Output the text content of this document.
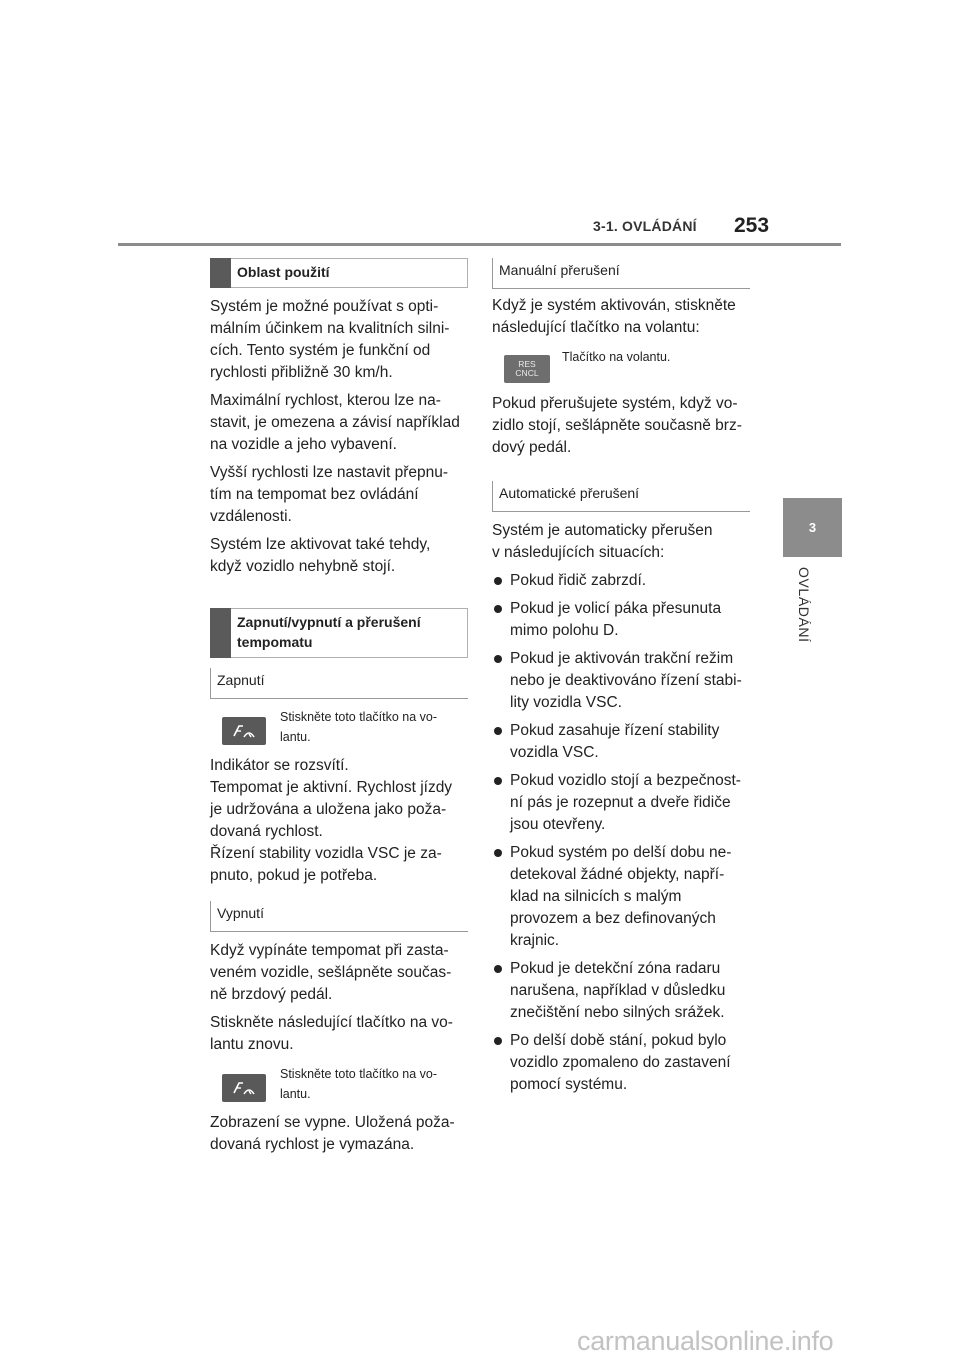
3-1. OVLÁDÁNÍ 253
3
OVLÁDÁNÍ
Oblast použití

Systém je možné používat s opti-
málním účinkem na kvalitních silni-
cích. Tento systém je funkční od
rychlosti přibližně 30 km/h.

Maximální rychlost, kterou lze na-
stavit, je omezena a závisí například
na vozidle a jeho vybavení.

Vyšší rychlosti lze nastavit přepnu-
tím na tempomat bez ovládání
vzdálenosti.

Systém lze aktivovat také tehdy,
když vozidlo nehybně stojí.

Zapnutí/vypnutí a přerušení
tempomatu
Zapnutí
Stiskněte toto tlačítko na vo-
lantu.

Indikátor se rozsvítí.
Tempomat je aktivní. Rychlost jízdy
je udržována a uložena jako poža-
dovaná rychlost.
Řízení stability vozidla VSC je za-
pnuto, pokud je potřeba.

Vypnutí

Když vypínáte tempomat při zasta-
veném vozidle, sešlápněte součas-
ně brzdový pedál.

Stiskněte následující tlačítko na vo-
lantu znovu.

Stiskněte toto tlačítko na vo-
lantu.

Zobrazení se vypne. Uložená poža-
dovaná rychlost je vymazána.

Manuální přerušení

Když je systém aktivován, stiskněte
následující tlačítko na volantu:

RES
CNCL
Tlačítko na volantu.

Pokud přerušujete systém, když vo-
zidlo stojí, sešlápněte současně brz-
dový pedál.

Automatické přerušení

Systém je automaticky přerušen
v následujících situacích:

Pokud řidič zabrzdí.
Pokud je volicí páka přesunuta
mimo polohu D.
Pokud je aktivován trakční režim
nebo je deaktivováno řízení stabi-
lity vozidla VSC.
Pokud zasahuje řízení stability
vozidla VSC.
Pokud vozidlo stojí a bezpečnost-
ní pás je rozepnut a dveře řidiče
jsou otevřeny.
Pokud systém po delší dobu ne-
detekoval žádné objekty, napří-
klad na silnicích s malým
provozem a bez definovaných
krajnic.
Pokud je detekční zóna radaru
narušena, například v důsledku
znečištění nebo silných srážek.
Po delší době stání, pokud bylo
vozidlo zpomaleno do zastavení
pomocí systému.
carmanualsonline.info
